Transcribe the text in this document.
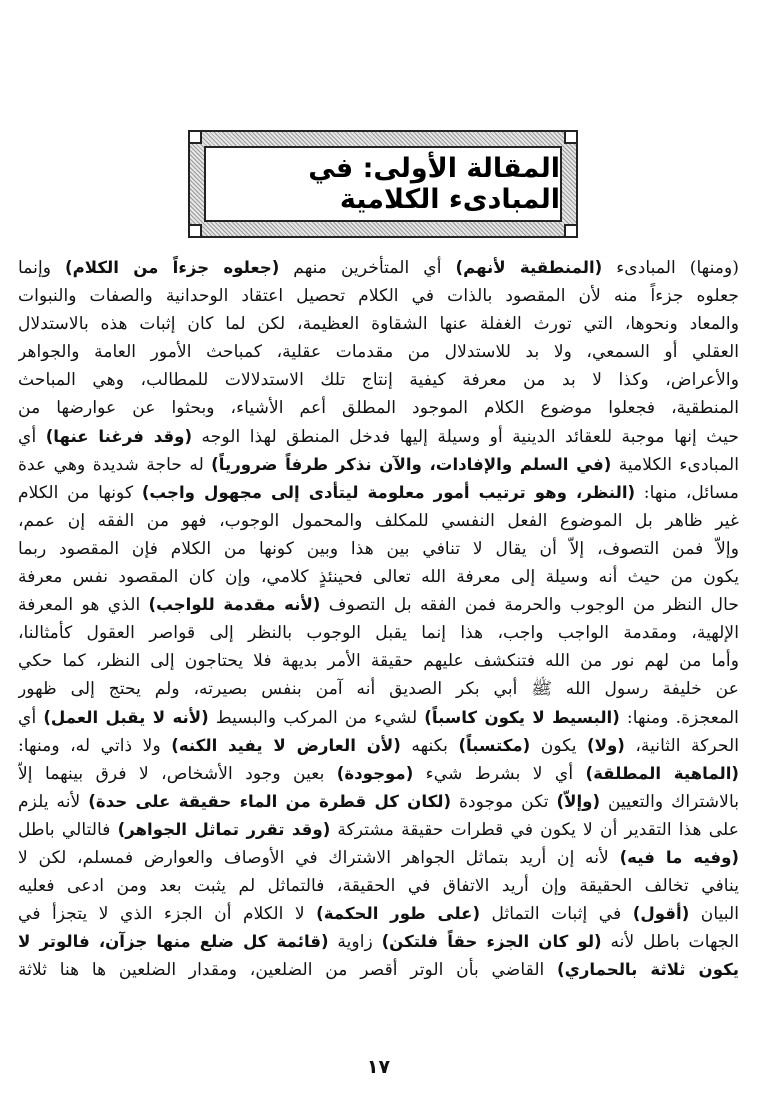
المقالة الأولى: في المبادىء الكلامية
(ومنها) المبادىء (المنطقية لأنهم) أي المتأخرين منهم (جعلوه جزءاً من الكلام) وإنما
جعلوه جزءاً منه لأن المقصود بالذات في الكلام تحصيل اعتقاد الوحدانية والصفات والنبوات
والمعاد ونحوها، التي تورث الغفلة عنها الشقاوة العظيمة، لكن لما كان إثبات هذه بالاستدلال
العقلي أو السمعي، ولا بد للاستدلال من مقدمات عقلية، كمباحث الأمور العامة والجواهر
والأعراض، وكذا لا بد من معرفة كيفية إنتاج تلك الاستدلالات للمطالب، وهي المباحث
المنطقية، فجعلوا موضوع الكلام الموجود المطلق أعم الأشياء، وبحثوا عن عوارضها من
حيث إنها موجبة للعقائد الدينية أو وسيلة إليها فدخل المنطق لهذا الوجه (وقد فرغنا عنها) أي
المبادىء الكلامية (في السلم والإفادات، والآن نذكر طرفاً ضرورياً) له حاجة شديدة وهي عدة
مسائل، منها: (النظر، وهو ترتيب أمور معلومة ليتأدى إلى مجهول واجب) كونها من الكلام
غير ظاهر بل الموضوع الفعل النفسي للمكلف والمحمول الوجوب، فهو من الفقه إن عمم،
وإلاّ فمن التصوف، إلاّ أن يقال لا تنافي بين هذا وبين كونها من الكلام فإن المقصود ربما
يكون من حيث أنه وسيلة إلى معرفة الله تعالى فحينئذٍ كلامي، وإن كان المقصود نفس معرفة
حال النظر من الوجوب والحرمة فمن الفقه بل التصوف (لأنه مقدمة للواجب) الذي هو المعرفة
الإلهية، ومقدمة الواجب واجب، هذا إنما يقبل الوجوب بالنظر إلى قواصر العقول كأمثالنا،
وأما من لهم نور من الله فتنكشف عليهم حقيقة الأمر بديهة فلا يحتاجون إلى النظر، كما حكي
عن خليفة رسول الله ﷺ أبي بكر الصديق أنه آمن بنفس بصيرته، ولم يحتج إلى ظهور
المعجزة. ومنها: (البسيط لا يكون كاسباً) لشيء من المركب والبسيط (لأنه لا يقبل العمل) أي
الحركة الثانية، (ولا) يكون (مكتسباً) بكنهه (لأن العارض لا يفيد الكنه) ولا ذاتي له، ومنها:
(الماهية المطلقة) أي لا بشرط شيء (موجودة) بعين وجود الأشخاص، لا فرق بينهما إلاّ
بالاشتراك والتعيين (وإلاّ) تكن موجودة (لكان كل قطرة من الماء حقيقة على حدة) لأنه يلزم
على هذا التقدير أن لا يكون في قطرات حقيقة مشتركة (وقد تقرر تماثل الجواهر) فالتالي باطل
(وفيه ما فيه) لأنه إن أريد بتماثل الجواهر الاشتراك في الأوصاف والعوارض فمسلم، لكن لا
ينافي تخالف الحقيقة وإن أريد الاتفاق في الحقيقة، فالتماثل لم يثبت بعد ومن ادعى فعليه
البيان (أقول) في إثبات التماثل (على طور الحكمة) لا الكلام أن الجزء الذي لا يتجزأ في
الجهات باطل لأنه (لو كان الجزء حقاً فلتكن) زاوية (قائمة كل ضلع منها جزآن، فالوتر لا
يكون ثلاثة بالحماري) القاضي بأن الوتر أقصر من الضلعين، ومقدار الضلعين ها هنا ثلاثة
١٧
